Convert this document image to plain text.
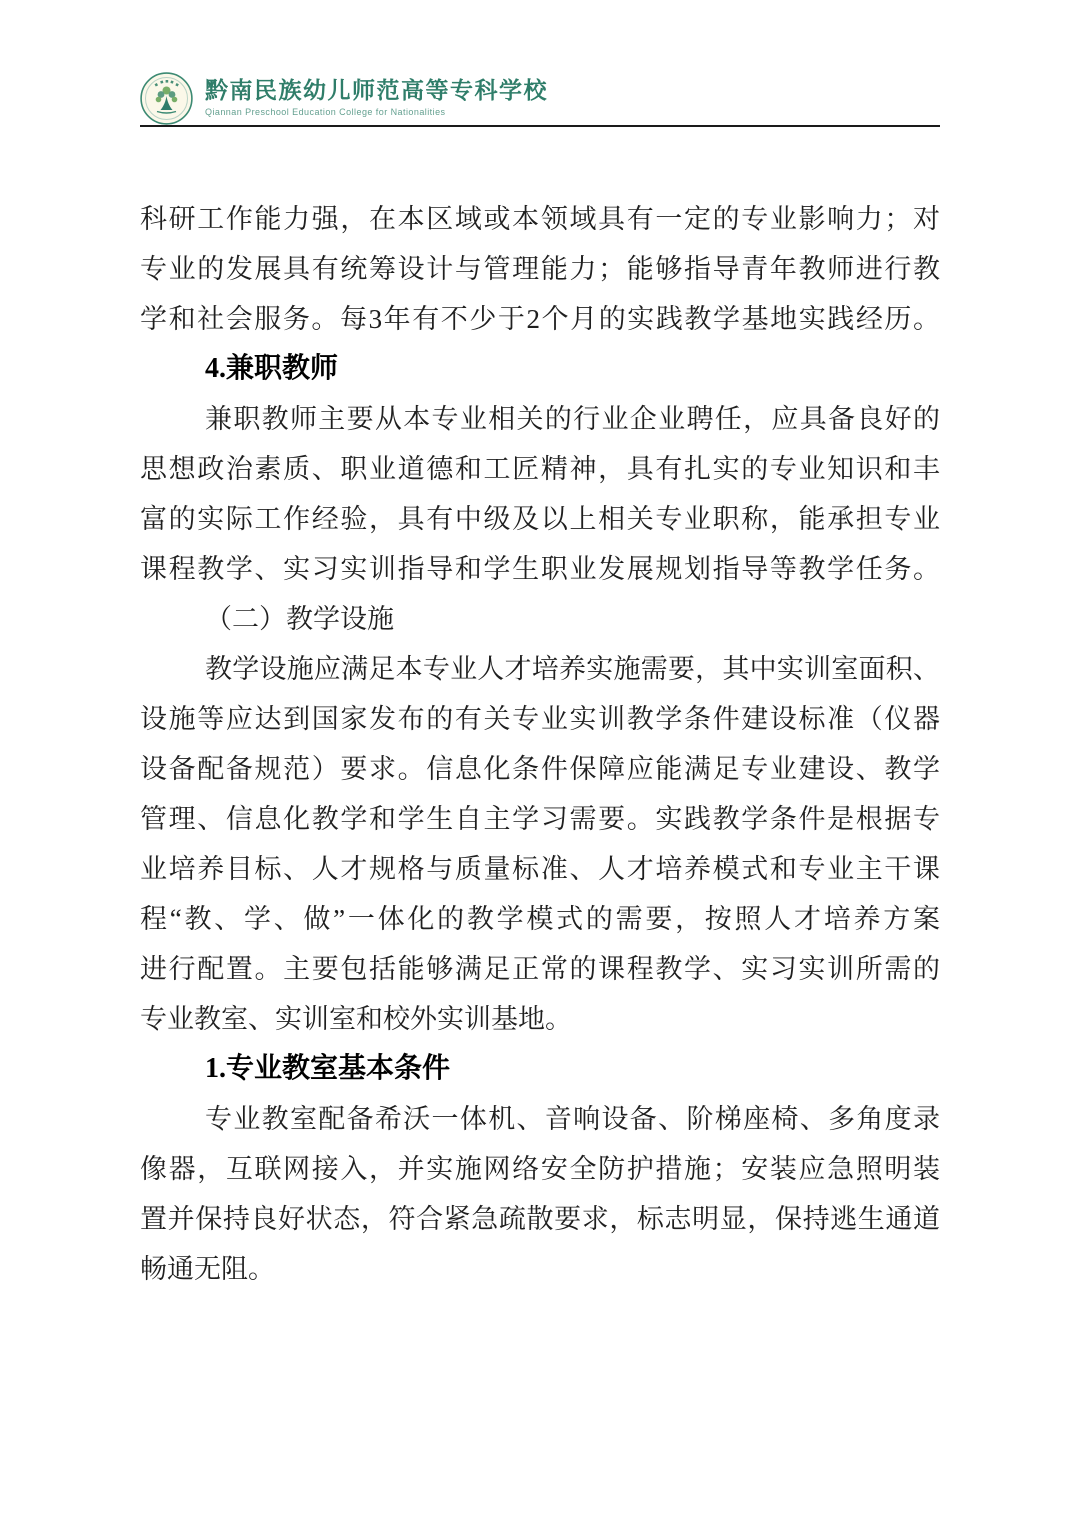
黔南民族幼儿师范高等专科学校
Qiannan Preschool Education College for Nationalities
科研工作能力强，在本区域或本领域具有一定的专业影响力；对
专业的发展具有统筹设计与管理能力；能够指导青年教师进行教
学和社会服务。每3年有不少于2个月的实践教学基地实践经历。
4.兼职教师
兼职教师主要从本专业相关的行业企业聘任，应具备良好的
思想政治素质、职业道德和工匠精神，具有扎实的专业知识和丰
富的实际工作经验，具有中级及以上相关专业职称，能承担专业
课程教学、实习实训指导和学生职业发展规划指导等教学任务。
（二）教学设施
教学设施应满足本专业人才培养实施需要，其中实训室面积、
设施等应达到国家发布的有关专业实训教学条件建设标准（仪器
设备配备规范）要求。信息化条件保障应能满足专业建设、教学
管理、信息化教学和学生自主学习需要。实践教学条件是根据专
业培养目标、人才规格与质量标准、人才培养模式和专业主干课
程“教、学、做”一体化的教学模式的需要，按照人才培养方案
进行配置。主要包括能够满足正常的课程教学、实习实训所需的
专业教室、实训室和校外实训基地。
1.专业教室基本条件
专业教室配备希沃一体机、音响设备、阶梯座椅、多角度录
像器，互联网接入，并实施网络安全防护措施；安装应急照明装
置并保持良好状态，符合紧急疏散要求，标志明显，保持逃生通道
畅通无阻。
